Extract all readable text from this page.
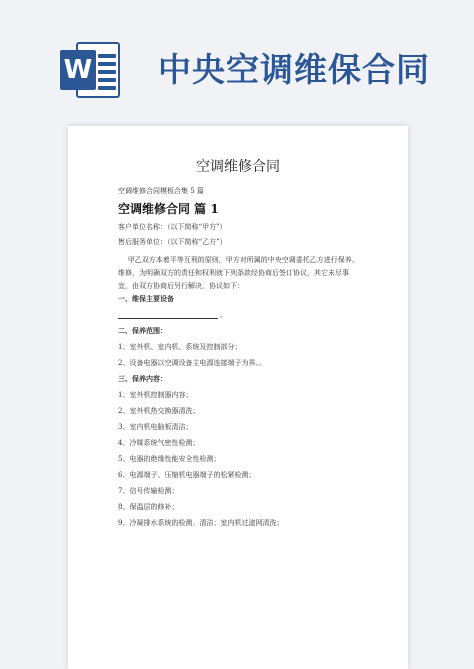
W 中央空调维保合同
空调维修合同
空调维修合同模板合集 5 篇
空调维修合同 篇 1
客户单位名称：（以下简称“甲方”）
售后服务单位：（以下简称“乙方”）
甲乙双方本着平等互利的原则，甲方对所属的中央空调委托乙方进行保养、维修，为明确双方的责任和权利就下列条款经协商后签订协议，其它未尽事宜，由双方协商后另行解决，协议如下：
一、维保主要设备
。
二、保养范围：
1、室外机、室内机、系统及控制部分；
2、设备电器以空调设备主电源连接端子为界。。
三、保养内容：
1、室外机控制器内容；
2、室外机热交换器清洗；
3、室内机电脑板清洁；
4、冷媒系统气密性检测；
5、电器的绝缘性能安全性检测；
6、电源端子、压缩机电器端子的松紧检测；
7、信号传输检测；
8、保温层的修补；
9、冷凝排水系统的检测、清洁；室内机过滤网清洗；
